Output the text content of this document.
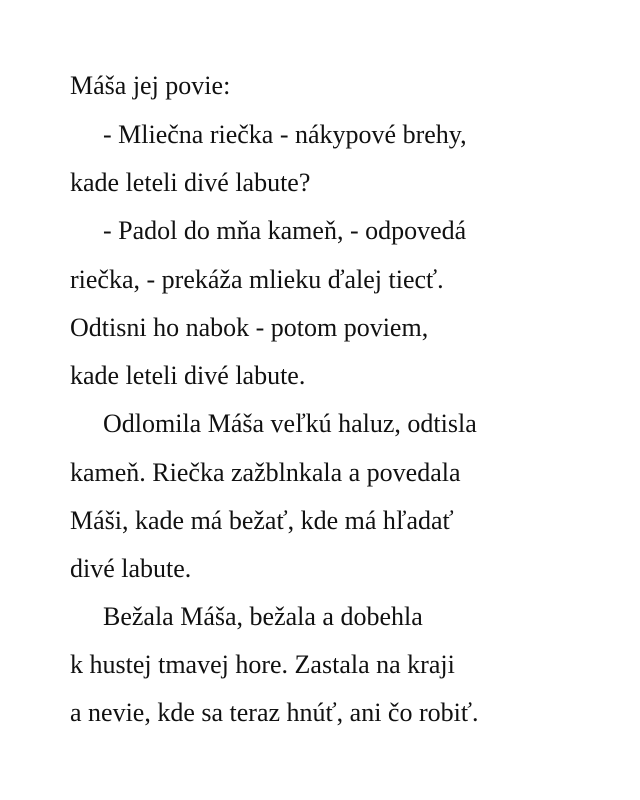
Máša jej povie:

- Mliečna riečka - nákypové brehy,

kade leteli divé labute?

- Padol do mňa kameň, - odpovedá

riečka, - prekáža mlieku ďalej tiecť.

Odtisni ho nabok - potom poviem,

kade leteli divé labute.

Odlomila Máša veľkú haluz, odtisla

kameň. Riečka zažblnkala a povedala

Máši, kade má bežať, kde má hľadať

divé labute.

Bežala Máša, bežala a dobehla

k hustej tmavej hore. Zastala na kraji

a nevie, kde sa teraz hnúť, ani čo robiť.
